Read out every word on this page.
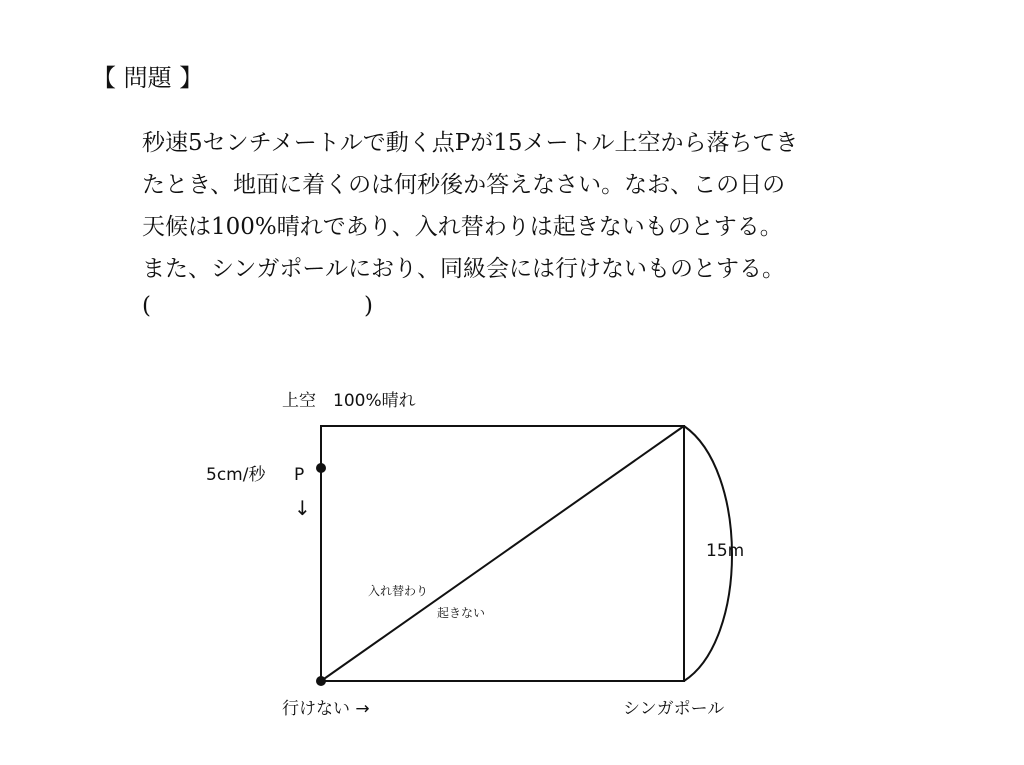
【 問題 】
秒速5センチメートルで動く点Pが15メートル上空から落ちてき
たとき、地面に着くのは何秒後か答えなさい。なお、この日の
天候は100%晴れであり、入れ替わりは起きないものとする。
また、シンガポールにおり、同級会には行けないものとする。
(	)
上空　100%晴れ
5cm/秒 P
↓
15m
入れ替わり
起きない
行けない →	シンガポール
